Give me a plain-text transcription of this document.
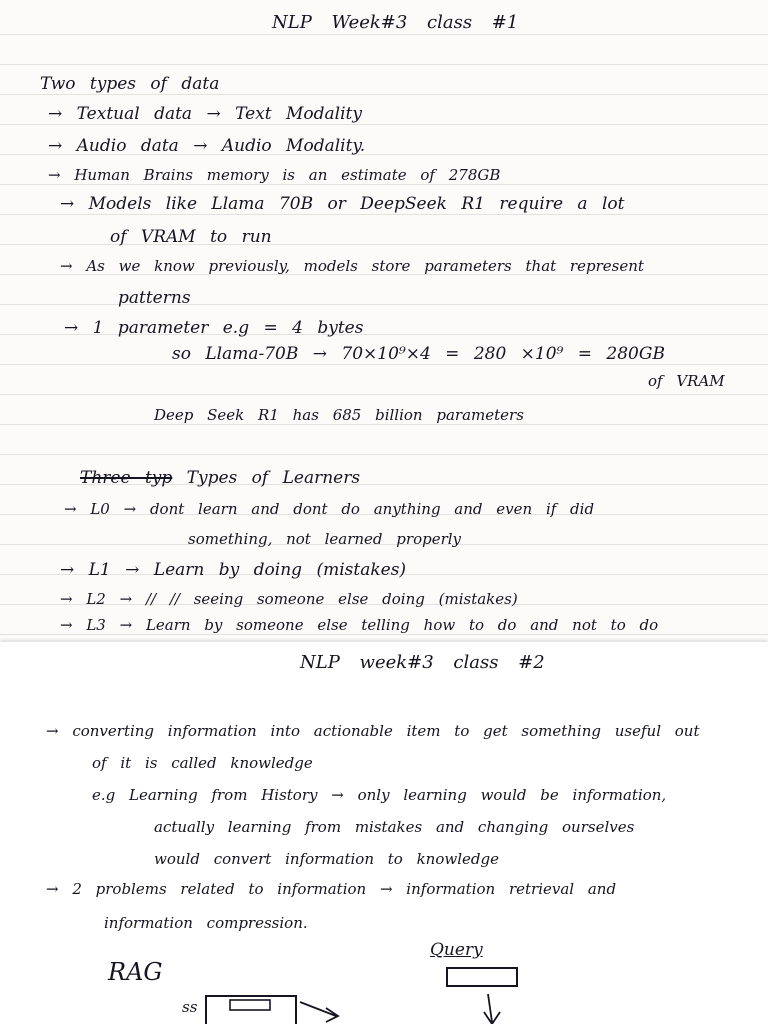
NLP Week#3 class #1
Two types of data
→ Textual data → Text Modality
→ Audio data → Audio Modality.
→ Human Brains memory is an estimate of 278GB
→ Models like Llama 70B or DeepSeek R1 require a lot
of VRAM to run
→ As we know previously, models store parameters that represent
patterns
→ 1 parameter e.g = 4 bytes
so Llama-70B → 70×10⁹×4 = 280 ×10⁹ = 280GB
of VRAM
Deep Seek R1 has 685 billion parameters
Three typ Types of Learners
→ L0 → dont learn and dont do anything and even if did
something, not learned properly
→ L1 → Learn by doing (mistakes)
→ L2 → // // seeing someone else doing (mistakes)
→ L3 → Learn by someone else telling how to do and not to do
NLP week#3 class #2
→ converting information into actionable item to get something useful out
of it is called knowledge
e.g Learning from History → only learning would be information,
actually learning from mistakes and changing ourselves
would convert information to knowledge
→ 2 problems related to information → information retrieval and
information compression.
RAG
Query
ss
